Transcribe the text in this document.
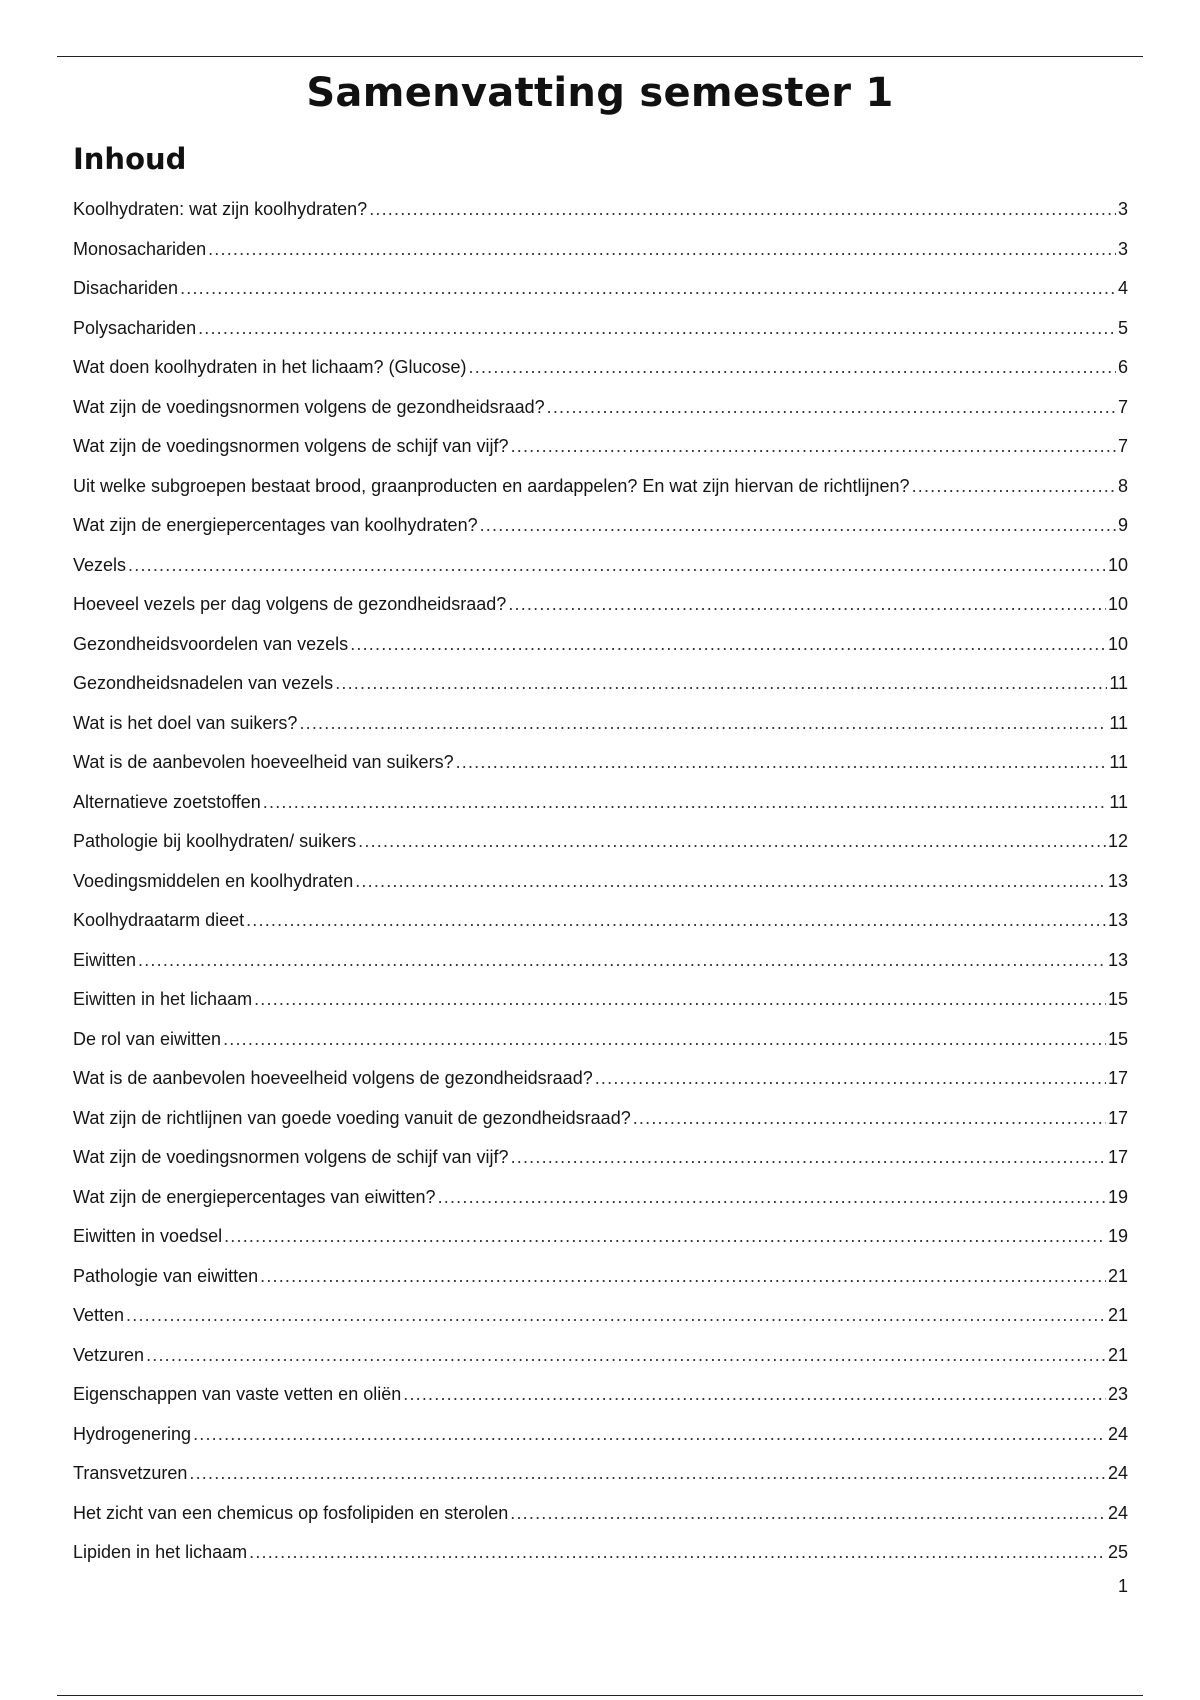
Samenvatting semester 1
Inhoud
Koolhydraten: wat zijn koolhydraten? .....	3
Monosachariden .....	3
Disachariden .....	4
Polysachariden .....	5
Wat doen koolhydraten in het lichaam? (Glucose) .....	6
Wat zijn de voedingsnormen volgens de gezondheidsraad? .....	7
Wat zijn de voedingsnormen volgens de schijf van vijf? .....	7
Uit welke subgroepen bestaat brood, graanproducten en aardappelen? En wat zijn hiervan de richtlijnen? .....	8
Wat zijn de energiepercentages van koolhydraten? .....	9
Vezels .....	10
Hoeveel vezels per dag volgens de gezondheidsraad? .....	10
Gezondheidsvoordelen van vezels .....	10
Gezondheidsnadelen van vezels .....	11
Wat is het doel van suikers? .....	11
Wat is de aanbevolen hoeveelheid van suikers? .....	11
Alternatieve zoetstoffen .....	11
Pathologie bij koolhydraten/ suikers .....	12
Voedingsmiddelen en koolhydraten .....	13
Koolhydraatarm dieet .....	13
Eiwitten .....	13
Eiwitten in het lichaam .....	15
De rol van eiwitten .....	15
Wat is de aanbevolen hoeveelheid volgens de gezondheidsraad? .....	17
Wat zijn de richtlijnen van goede voeding vanuit de gezondheidsraad? .....	17
Wat zijn de voedingsnormen volgens de schijf van vijf? .....	17
Wat zijn de energiepercentages van eiwitten? .....	19
Eiwitten in voedsel .....	19
Pathologie van eiwitten .....	21
Vetten .....	21
Vetzuren .....	21
Eigenschappen van vaste vetten en oliën .....	23
Hydrogenering .....	24
Transvetzuren .....	24
Het zicht van een chemicus op fosfolipiden en sterolen .....	24
Lipiden in het lichaam .....	25
1
